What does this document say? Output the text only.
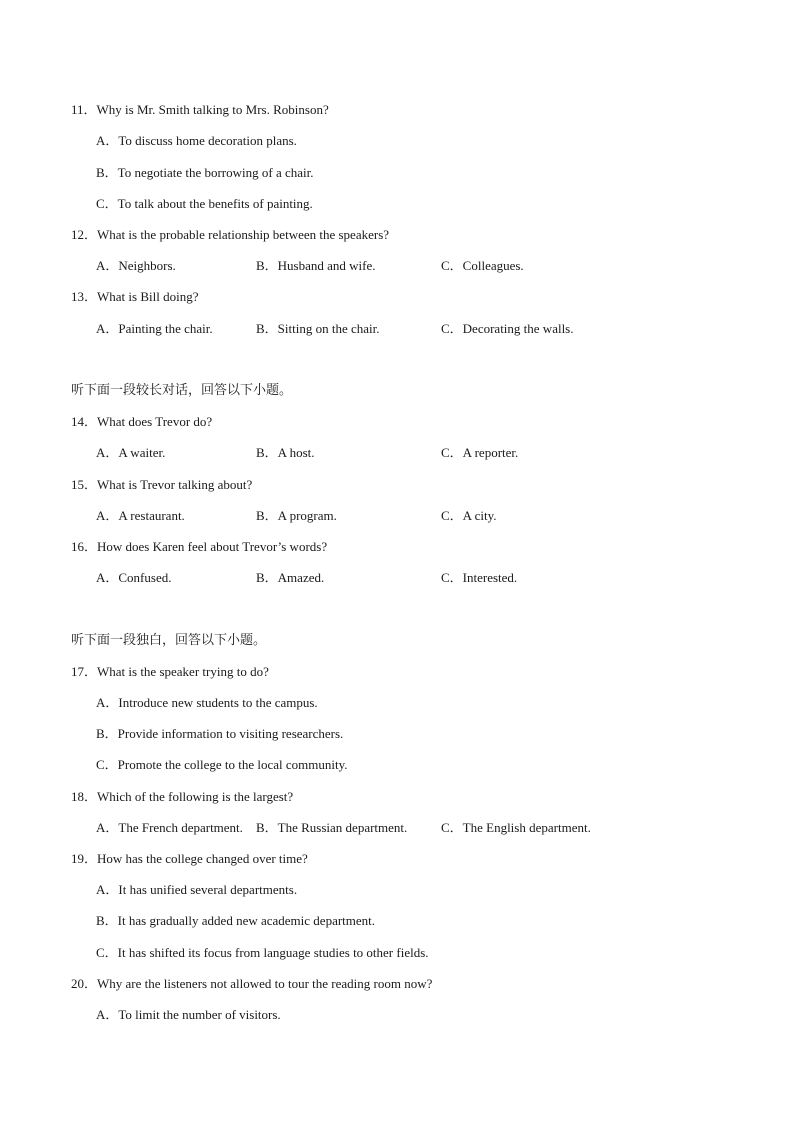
11．Why is Mr. Smith talking to Mrs. Robinson?
A．To discuss home decoration plans.
B．To negotiate the borrowing of a chair.
C．To talk about the benefits of painting.
12．What is the probable relationship between the speakers?
A．Neighbors.	B．Husband and wife.	C．Colleagues.
13．What is Bill doing?
A．Painting the chair.	B．Sitting on the chair.	C．Decorating the walls.
听下面一段较长对话，回答以下小题。
14．What does Trevor do?
A．A waiter.	B．A host.	C．A reporter.
15．What is Trevor talking about?
A．A restaurant.	B．A program.	C．A city.
16．How does Karen feel about Trevor’s words?
A．Confused.	B．Amazed.	C．Interested.
听下面一段独白，回答以下小题。
17．What is the speaker trying to do?
A．Introduce new students to the campus.
B．Provide information to visiting researchers.
C．Promote the college to the local community.
18．Which of the following is the largest?
A．The French department. B．The Russian department.	C．The English department.
19．How has the college changed over time?
A．It has unified several departments.
B．It has gradually added new academic department.
C．It has shifted its focus from language studies to other fields.
20．Why are the listeners not allowed to tour the reading room now?
A．To limit the number of visitors.
